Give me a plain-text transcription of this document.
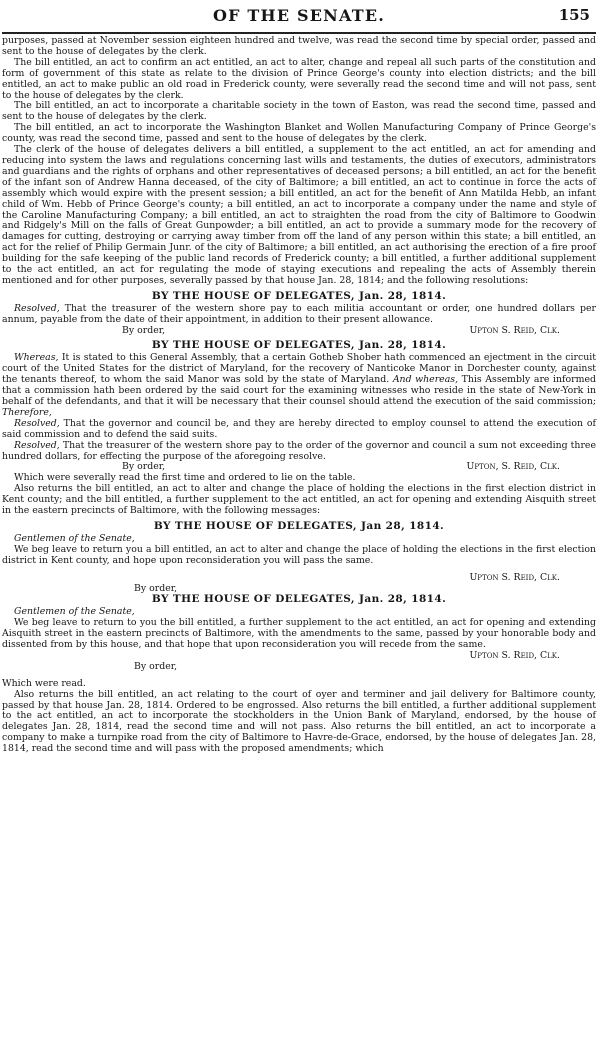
OF THE SENATE.	155

purposes, passed at November session eighteen hundred and twelve, was read the second time by special order, passed and sent to the house of delegates by the clerk.

The bill entitled, an act to confirm an act entitled, an act to alter, change and repeal all such parts of the constitution and form of government of this state as relate to the division of Prince George's county into election districts; and the bill entitled, an act to make public an old road in Frederick county, were severally read the second time and will not pass, sent to the house of delegates by the clerk.

The bill entitled, an act to incorporate a charitable society in the town of Easton, was read the second time, passed and sent to the house of delegates by the clerk.

The bill entitled, an act to incorporate the Washington Blanket and Wollen Manufacturing Company of Prince George's county, was read the second time, passed and sent to the house of delegates by the clerk.

The clerk of the house of delegates delivers a bill entitled, a supplement to the act entitled, an act for amending and reducing into system the laws and regulations concerning last wills and testaments, the duties of executors, administrators and guardians and the rights of orphans and other representatives of deceased persons; a bill entitled, an act for the benefit of the infant son of Andrew Hanna deceased, of the city of Baltimore; a bill entitled, an act to continue in force the acts of assembly which would expire with the present session; a bill entitled, an act for the benefit of Ann Matilda Hebb, an infant child of Wm. Hebb of Prince George's county; a bill entitled, an act to incorporate a company under the name and style of the Caroline Manufacturing Company; a bill entitled, an act to straighten the road from the city of Baltimore to Goodwin and Ridgely's Mill on the falls of Great Gunpowder; a bill entitled, an act to provide a summary mode for the recovery of damages for cutting, destroying or carrying away timber from off the land of any person within this state; a bill entitled, an act for the relief of Philip Germain Junr. of the city of Baltimore; a bill entitled, an act authorising the erection of a fire proof building for the safe keeping of the public land records of Frederick county; a bill entitled, a further additional supplement to the act entitled, an act for regulating the mode of staying executions and repealing the acts of Assembly therein mentioned and for other purposes, severally passed by that house Jan. 28, 1814; and the following resolutions:

BY THE HOUSE OF DELEGATES, Jan. 28, 1814.

Resolved, That the treasurer of the western shore pay to each militia accountant or order, one hundred dollars per annum, payable from the date of their appointment, in addition to their present allowance.

By order,	Upton S. Reid, Clk.
BY THE HOUSE OF DELEGATES, Jan. 28, 1814.

Whereas, It is stated to this General Assembly, that a certain Gotheb Shober hath commenced an ejectment in the circuit court of the United States for the district of Maryland, for the recovery of Nanticoke Manor in Dorchester county, against the tenants thereof, to whom the said Manor was sold by the state of Maryland. And whereas, This Assembly are informed that a commission hath been ordered by the said court for the examining witnesses who reside in the state of New-York in behalf of the defendants, and that it will be necessary that their counsel should attend the execution of the said commission; Therefore,

Resolved, That the governor and council be, and they are hereby directed to employ counsel to attend the execution of said commission and to defend the said suits.

Resolved, That the treasurer of the western shore pay to the order of the governor and council a sum not exceeding three hundred dollars, for effecting the purpose of the aforegoing resolve.

By order,	Upton, S. Reid, Clk.

Which were severally read the first time and ordered to lie on the table.

Also returns the bill entitled, an act to alter and change the place of holding the elections in the first election district in Kent county; and the bill entitled, a further supplement to the act entitled, an act for opening and extending Aisquith street in the eastern precincts of Baltimore, with the following messages:

BY THE HOUSE OF DELEGATES, Jan 28, 1814.

Gentlemen of the Senate,

We beg leave to return you a bill entitled, an act to alter and change the place of holding the elections in the first election district in Kent county, and hope upon reconsideration you will pass the same.

Upton S. Reid, Clk.

By order,

BY THE HOUSE OF DELEGATES, Jan. 28, 1814.

Gentlemen of the Senate,

We beg leave to return to you the bill entitled, a further supplement to the act entitled, an act for opening and extending Aisquith street in the eastern precincts of Baltimore, with the amendments to the same, passed by your honorable body and dissented from by this house, and that hope that upon reconsideration you will recede from the same.

Upton S. Reid, Clk.

By order,

Which were read.

Also returns the bill entitled, an act relating to the court of oyer and terminer and jail delivery for Baltimore county, passed by that house Jan. 28, 1814. Ordered to be engrossed. Also returns the bill entitled, a further additional supplement to the act entitled, an act to incorporate the stockholders in the Union Bank of Maryland, endorsed, by the house of delegates Jan. 28, 1814, read the second time and will not pass. Also returns the bill entitled, an act to incorporate a company to make a turnpike road from the city of Baltimore to Havre-de-Grace, endorsed, by the house of delegates Jan. 28, 1814, read the second time and will pass with the proposed amendments; which
